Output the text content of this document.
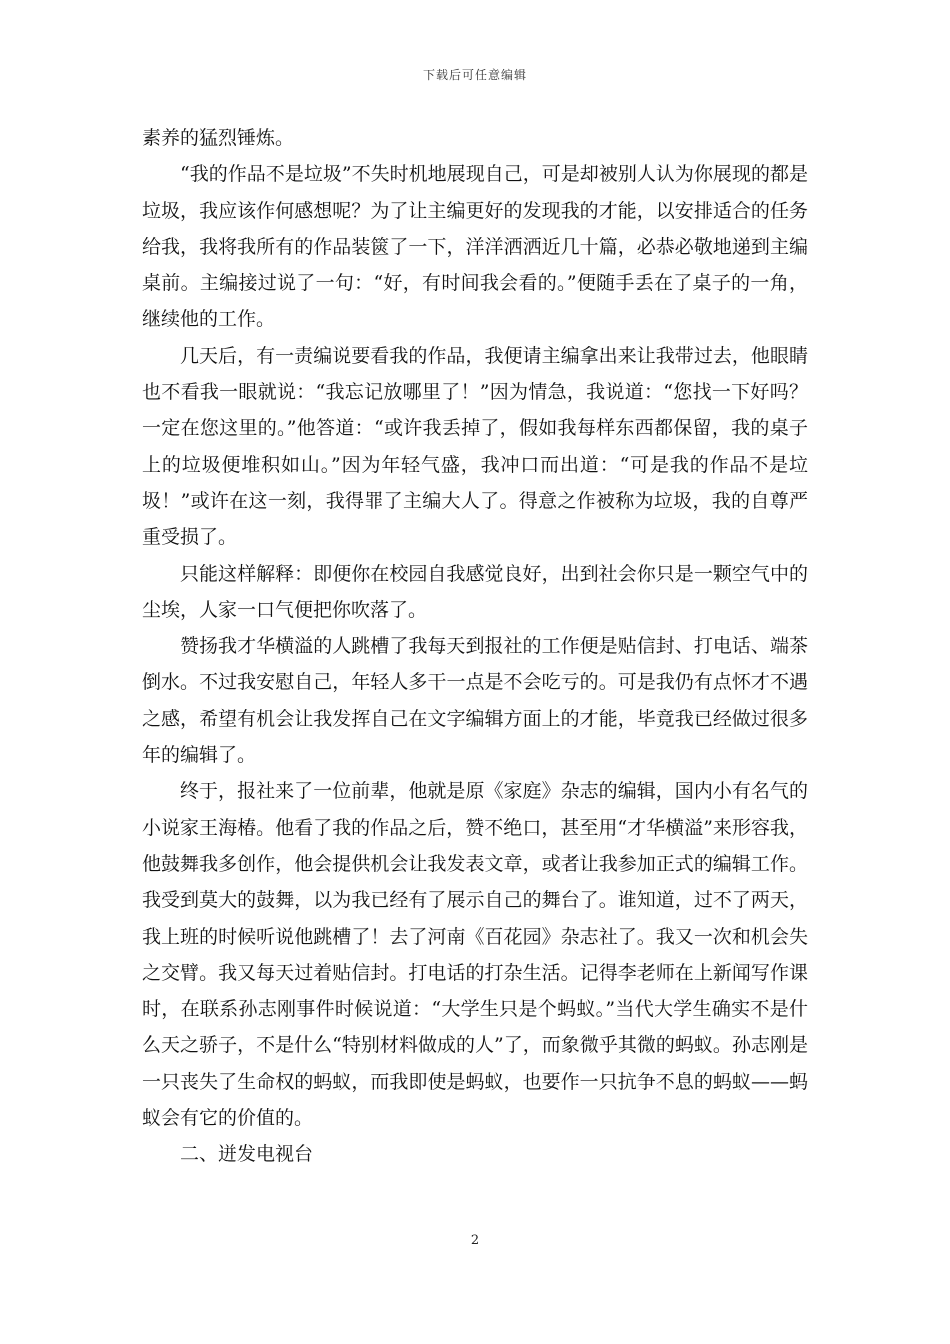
下载后可任意编辑

素养的猛烈锤炼。

“我的作品不是垃圾”不失时机地展现自己，可是却被别人认为你展现的都是垃圾，我应该作何感想呢？为了让主编更好的发现我的才能，以安排适合的任务给我，我将我所有的作品装篋了一下，洋洋洒洒近几十篇，必恭必敬地递到主编桌前。主编接过说了一句：“好，有时间我会看的。”便随手丢在了桌子的一角，继续他的工作。

几天后，有一责编说要看我的作品，我便请主编拿出来让我带过去，他眼睛也不看我一眼就说：“我忘记放哪里了！”因为情急，我说道：“您找一下好吗？一定在您这里的。”他答道：“或许我丢掉了，假如我每样东西都保留，我的桌子上的垃圾便堆积如山。”因为年轻气盛，我冲口而出道：“可是我的作品不是垃圾！”或许在这一刻，我得罪了主编大人了。得意之作被称为垃圾，我的自尊严重受损了。

只能这样解释：即便你在校园自我感觉良好，出到社会你只是一颗空气中的尘埃，人家一口气便把你吹落了。

赞扬我才华横溢的人跳槽了我每天到报社的工作便是贴信封、打电话、端茶倒水。不过我安慰自己，年轻人多干一点是不会吃亏的。可是我仍有点怀才不遇之感，希望有机会让我发挥自己在文字编辑方面上的才能，毕竟我已经做过很多年的编辑了。

终于，报社来了一位前辈，他就是原《家庭》杂志的编辑，国内小有名气的小说家王海椿。他看了我的作品之后，赞不绝口，甚至用“才华横溢”来形容我，他鼓舞我多创作，他会提供机会让我发表文章，或者让我参加正式的编辑工作。我受到莫大的鼓舞，以为我已经有了展示自己的舞台了。谁知道，过不了两天，我上班的时候听说他跳槽了！去了河南《百花园》杂志社了。我又一次和机会失之交臂。我又每天过着贴信封。打电话的打杂生活。记得李老师在上新闻写作课时，在联系孙志刚事件时候说道：“大学生只是个蚂蚁。”当代大学生确实不是什么天之骄子，不是什么“特别材料做成的人”了，而象微乎其微的蚂蚁。孙志刚是一只丧失了生命权的蚂蚁，而我即使是蚂蚁，也要作一只抗争不息的蚂蚁——蚂蚁会有它的价值的。

二、迸发电视台

2
